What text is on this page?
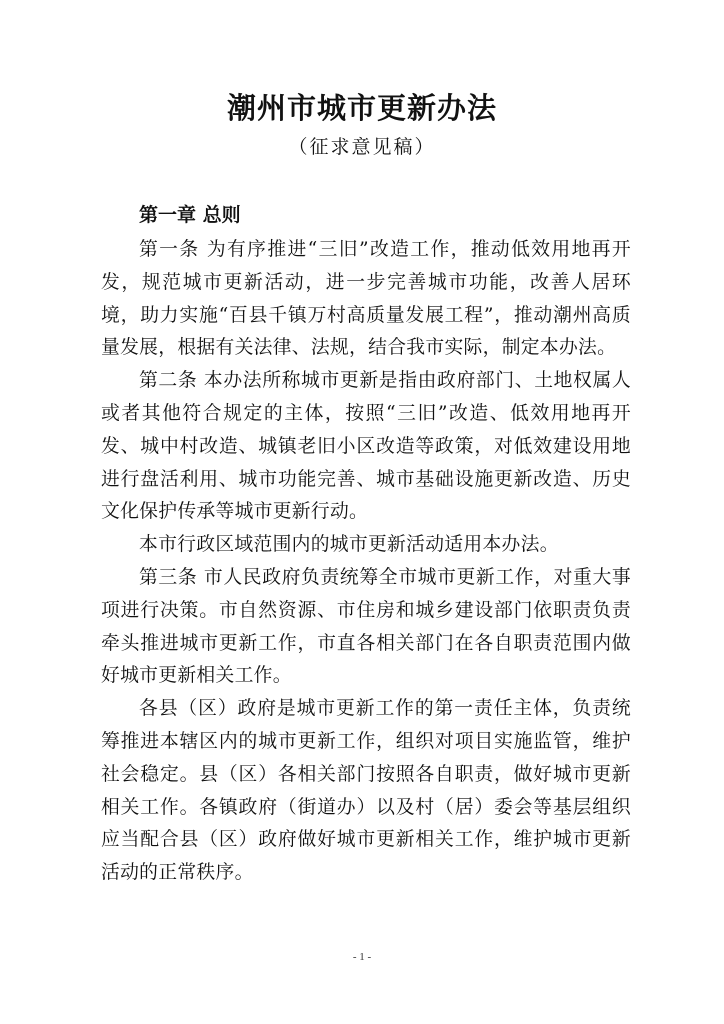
潮州市城市更新办法
（征求意见稿）
第一章 总则

第一条 为有序推进“三旧”改造工作，推动低效用地再开发，规范城市更新活动，进一步完善城市功能，改善人居环境，助力实施“百县千镇万村高质量发展工程”，推动潮州高质量发展，根据有关法律、法规，结合我市实际，制定本办法。

第二条 本办法所称城市更新是指由政府部门、土地权属人或者其他符合规定的主体，按照“三旧”改造、低效用地再开发、城中村改造、城镇老旧小区改造等政策，对低效建设用地进行盘活利用、城市功能完善、城市基础设施更新改造、历史文化保护传承等城市更新行动。

本市行政区域范围内的城市更新活动适用本办法。

第三条 市人民政府负责统筹全市城市更新工作，对重大事项进行决策。市自然资源、市住房和城乡建设部门依职责负责牵头推进城市更新工作，市直各相关部门在各自职责范围内做好城市更新相关工作。

各县（区）政府是城市更新工作的第一责任主体，负责统筹推进本辖区内的城市更新工作，组织对项目实施监管，维护社会稳定。县（区）各相关部门按照各自职责，做好城市更新相关工作。各镇政府（街道办）以及村（居）委会等基层组织应当配合县（区）政府做好城市更新相关工作，维护城市更新活动的正常秩序。

- 1 -
